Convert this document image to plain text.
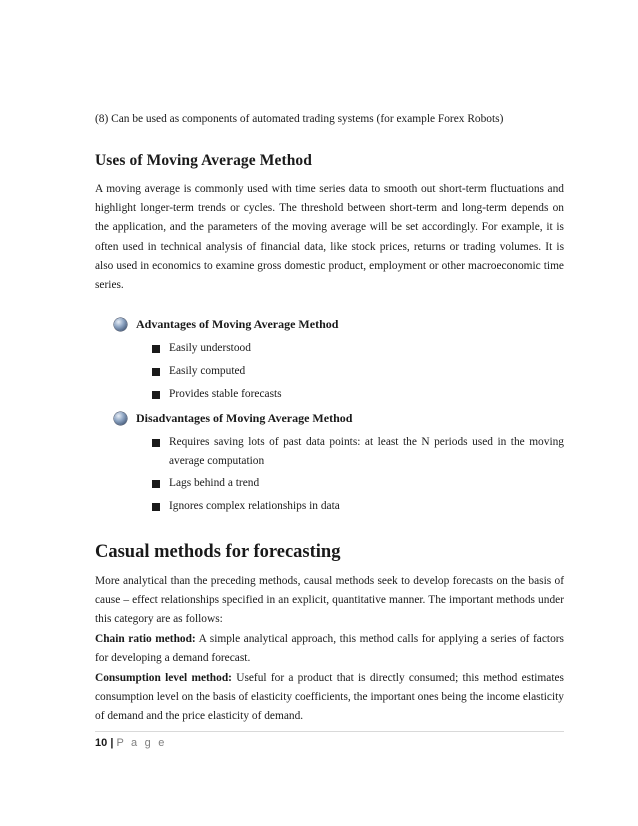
(8) Can be used as components of automated trading systems (for example Forex Robots)
Uses of Moving Average Method
A moving average is commonly used with time series data to smooth out short-term fluctuations and highlight longer-term trends or cycles. The threshold between short-term and long-term depends on the application, and the parameters of the moving average will be set accordingly. For example, it is often used in technical analysis of financial data, like stock prices, returns or trading volumes. It is also used in economics to examine gross domestic product, employment or other macroeconomic time series.
Advantages of Moving Average Method
Easily understood
Easily computed
Provides stable forecasts
Disadvantages of Moving Average Method
Requires saving lots of past data points: at least the N periods used in the moving average computation
Lags behind a trend
Ignores complex relationships in data
Casual methods for forecasting
More analytical than the preceding methods, causal methods seek to develop forecasts on the basis of cause – effect relationships specified in an explicit, quantitative manner. The important methods under this category are as follows:
Chain ratio method: A simple analytical approach, this method calls for applying a series of factors for developing a demand forecast.
Consumption level method: Useful for a product that is directly consumed; this method estimates consumption level on the basis of elasticity coefficients, the important ones being the income elasticity of demand and the price elasticity of demand.
10 | P a g e
